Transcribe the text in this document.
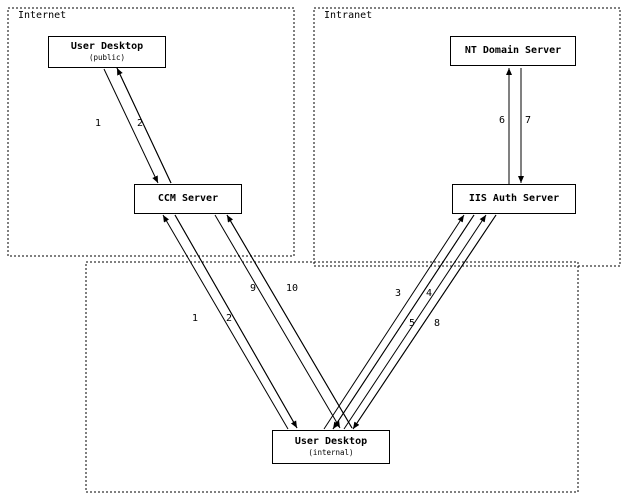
Internet	Intranet
User Desktop
(public)
CCM Server
NT Domain Server
IIS Auth Server
User Desktop
(internal)
1	2	6 7
9	10
1	2
3 4
5 8
